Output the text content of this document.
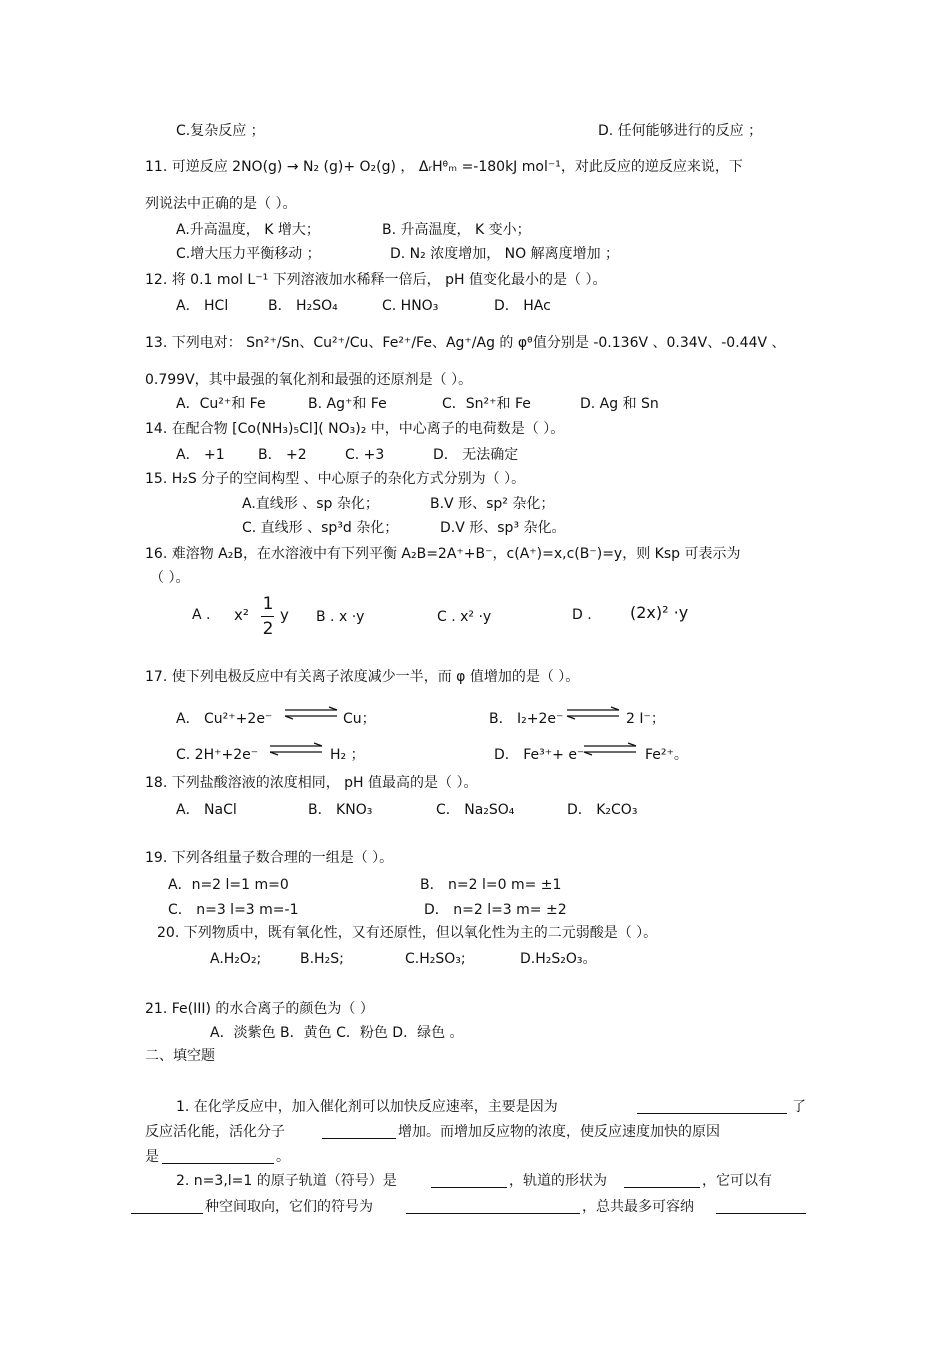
C.复杂反应 ；	D. 任何能够进行的反应 ；
11. 可逆反应 2NO(g) → N₂ (g)+ O₂(g) ， ΔᵣHᶿₘ =-180kJ mol⁻¹，对此反应的逆反应来说，下
列说法中正确的是（ ）。
A.升高温度， K 增大；	B. 升高温度， K 变小；
C.增大压力平衡移动 ；	D. N₂ 浓度增加， NO 解离度增加 ；
12. 将 0.1 mol L⁻¹ 下列溶液加水稀释一倍后， pH 值变化最小的是（ ）。
A． HCl	B． H₂SO₄	C. HNO₃	D． HAc
13. 下列电对： Sn²⁺/Sn、Cu²⁺/Cu、Fe²⁺/Fe、Ag⁺/Ag 的 φᶿ值分别是 -0.136V 、0.34V、-0.44V 、
0.799V，其中最强的氧化剂和最强的还原剂是（ ）。
A．Cu²⁺和 Fe	B. Ag⁺和 Fe	C．Sn²⁺和 Fe	D. Ag 和 Sn
14. 在配合物 [Co(NH₃)₅Cl]( NO₃)₂ 中，中心离子的电荷数是（ ）。
A． +1 B． +2	C. +3	D． 无法确定
15. H₂S 分子的空间构型 、中心原子的杂化方式分别为（ ）。
A.直线形 、sp 杂化；	B.V 形、sp² 杂化；
C. 直线形 、sp³d 杂化；	D.V 形、sp³ 杂化。
16. 难溶物 A₂B，在水溶液中有下列平衡 A₂B=2A⁺+B⁻，c(A⁺)=x,c(B⁻)=y，则 Ksp 可表示为
（ ）。
A . x²
1
2
y B . x ·y	C . x² ·y	D . (2x)² ·y
17. 使下列电极反应中有关离子浓度减少一半，而 φ 值增加的是（ ）。
A． Cu²⁺+2e⁻ ⇌ Cu；	B． I₂+2e⁻ ⇌ 2 I⁻；
C. 2H⁺+2e⁻ ⇌ H₂ ；	D． Fe³⁺+ e⁻ ⇌ Fe²⁺。
18. 下列盐酸溶液的浓度相同， pH 值最高的是（ ）。
A． NaCl	B． KNO₃	C． Na₂SO₄	D． K₂CO₃
19. 下列各组量子数合理的一组是（ ）。
A．n=2 l=1 m=0	B． n=2 l=0 m= ±1
C． n=3 l=3 m=-1	D． n=2 l=3 m= ±2
20. 下列物质中，既有氧化性，又有还原性，但以氧化性为主的二元弱酸是（ ）。
A.H₂O₂;	B.H₂S;	C.H₂SO₃;	D.H₂S₂O₃。
21. Fe(III) 的水合离子的颜色为（ ）
A．淡紫色 B．黄色 C．粉色 D．绿色 。
二、填空题
1. 在化学反应中，加入催化剂可以加快反应速率，主要是因为	了
反应活化能，活化分子	增加。而增加反应物的浓度，使反应速度加快的原因
是	。
2. n=3,l=1 的原子轨道（符号）是	，轨道的形状为	，它可以有
种空间取向，它们的符号为	，总共最多可容纳
